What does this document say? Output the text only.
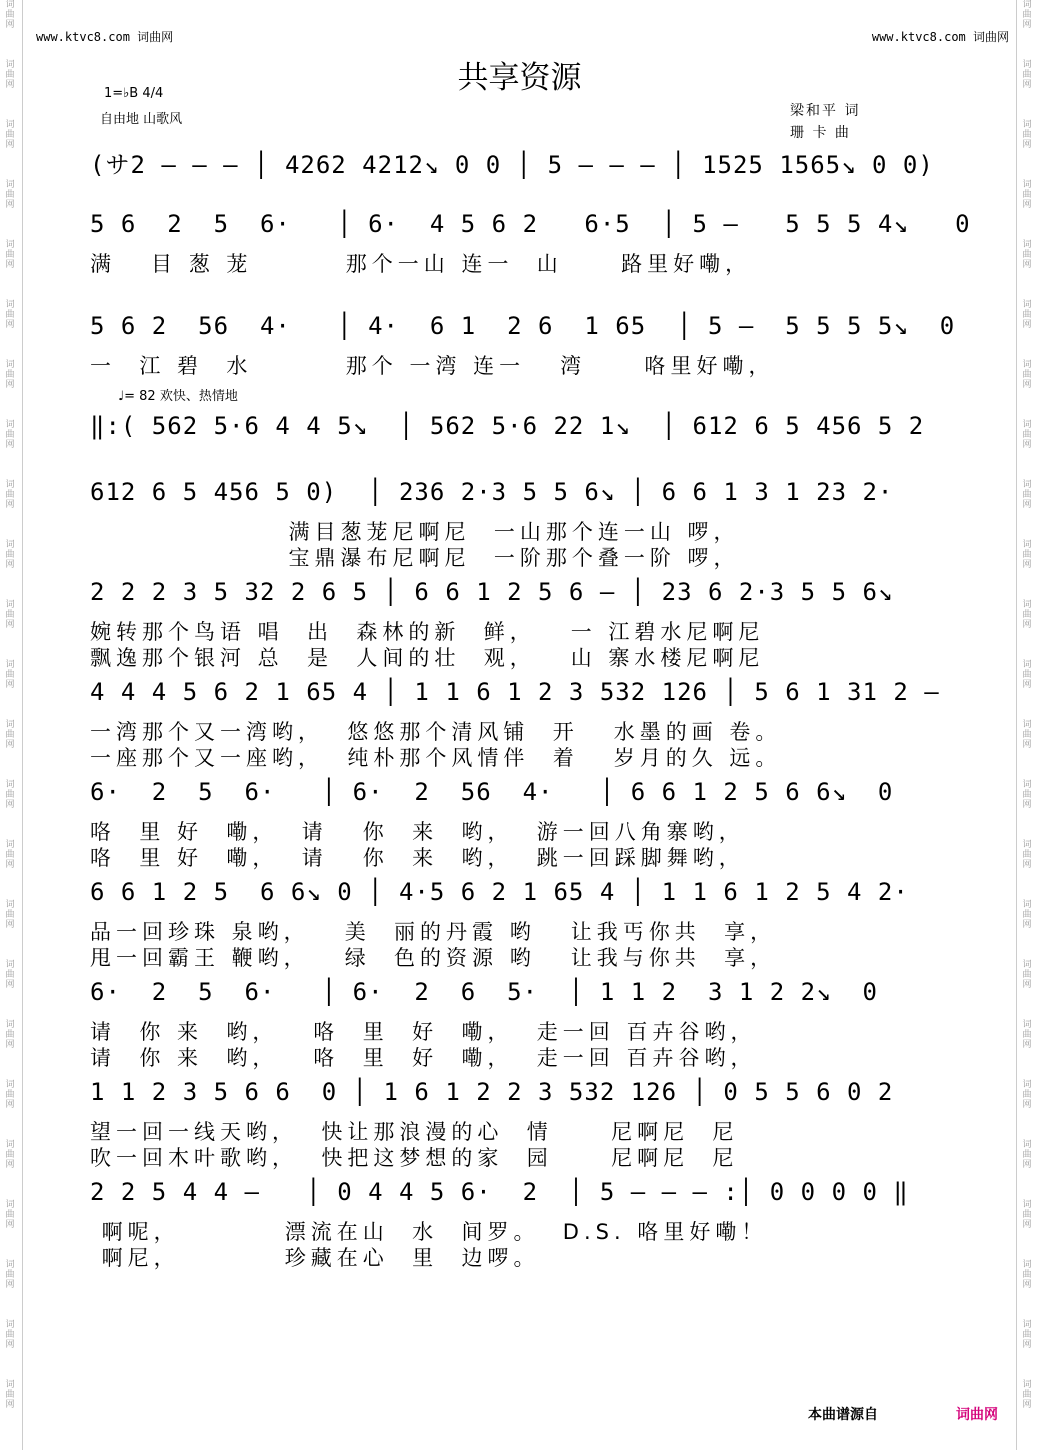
词曲网
词曲网
词曲网
词曲网
词曲网
词曲网
词曲网
词曲网
词曲网
词曲网
词曲网
词曲网
词曲网
词曲网
词曲网
词曲网
词曲网
词曲网
词曲网
词曲网
词曲网
词曲网
词曲网
词曲网
词曲网
词曲网
词曲网
词曲网
词曲网
词曲网
词曲网
词曲网
词曲网
词曲网
词曲网
词曲网
词曲网
词曲网
词曲网
词曲网
词曲网
词曲网
词曲网
词曲网
词曲网
词曲网
词曲网
词曲网
www.ktvc8.com 词曲网	www.ktvc8.com 词曲网
共享资源
1=♭B 4/4
自由地 山歌风
梁和平 词
珊 卡 曲
♩= 82 欢快、热情地
(サ2 — — — │ 4262 4212↘ 0 0 │ 5 — — — │ 1525 1565↘ 0 0)
5 6  2  5  6·   │ 6·  4 5 6 2   6·5  │ 5 —   5 5 5 4↘   0
满   目 葱 茏        那个一山 连一  山     路里好嘞，
5 6 2  56  4·   │ 4·  6 1  2 6  1 65  │ 5 —  5 5 5 5↘  0
一  江 碧  水        那个 一湾 连一   湾     咯里好嘞，
‖:( 562 5·6 4 4 5↘  │ 562 5·6 22 1↘  │ 612 6 5 456 5 2
612 6 5 456 5 0)  │ 236 2·3 5 5 6↘ │ 6 6 1 3 1 23 2·
满目葱茏尼啊尼  一山那个连一山 啰，
宝鼎瀑布尼啊尼  一阶那个叠一阶 啰，
2 2 2 3 5 32 2 6 5 │ 6 6 1 2 5 6 — │ 23 6 2·3 5 5 6↘
婉转那个鸟语 唱  出  森林的新  鲜，   一 江碧水尼啊尼
飘逸那个银河 总  是  人间的壮  观，   山 寨水楼尼啊尼
4 4 4 5 6 2 1 65 4 │ 1 1 6 1 2 3 532 126 │ 5 6 1 31 2 —
一湾那个又一湾哟，  悠悠那个清风铺  开   水墨的画 卷。
一座那个又一座哟，  纯朴那个风情伴  着   岁月的久 远。
6·  2  5  6·   │ 6·  2  56  4·   │ 6 6 1 2 5 6 6↘  0
咯  里 好  嘞，  请   你  来  哟，  游一回八角寨哟，
咯  里 好  嘞，  请   你  来  哟，  跳一回踩脚舞哟，
6 6 1 2 5  6 6↘ 0 │ 4·5 6 2 1 65 4 │ 1 1 6 1 2 5 4 2·
品一回珍珠 泉哟，   美  丽的丹霞 哟   让我丐你共  享，
甩一回霸王 鞭哟，   绿  色的资源 哟   让我与你共  享，
6·  2  5  6·   │ 6·  2  6  5·  │ 1 1 2  3 1 2 2↘  0
请  你 来  哟，   咯  里  好  嘞，  走一回 百卉谷哟，
请  你 来  哟，   咯  里  好  嘞，  走一回 百卉谷哟，
1 1 2 3 5 6 6  0 │ 1 6 1 2 2 3 532 126 │ 0 5 5 6 0 2
望一回一线天哟，  快让那浪漫的心  情     尼啊尼  尼
吹一回木叶歌哟，  快把这梦想的家  园     尼啊尼  尼
2 2 5 4 4 —   │ 0 4 4 5 6·  2  │ 5 — — — :│ 0 0 0 0 ‖
啊呢，         漂流在山  水  间罗。  D.S. 咯里好嘞！
啊尼，         珍藏在心  里  边啰。
本曲谱源自	词曲网
